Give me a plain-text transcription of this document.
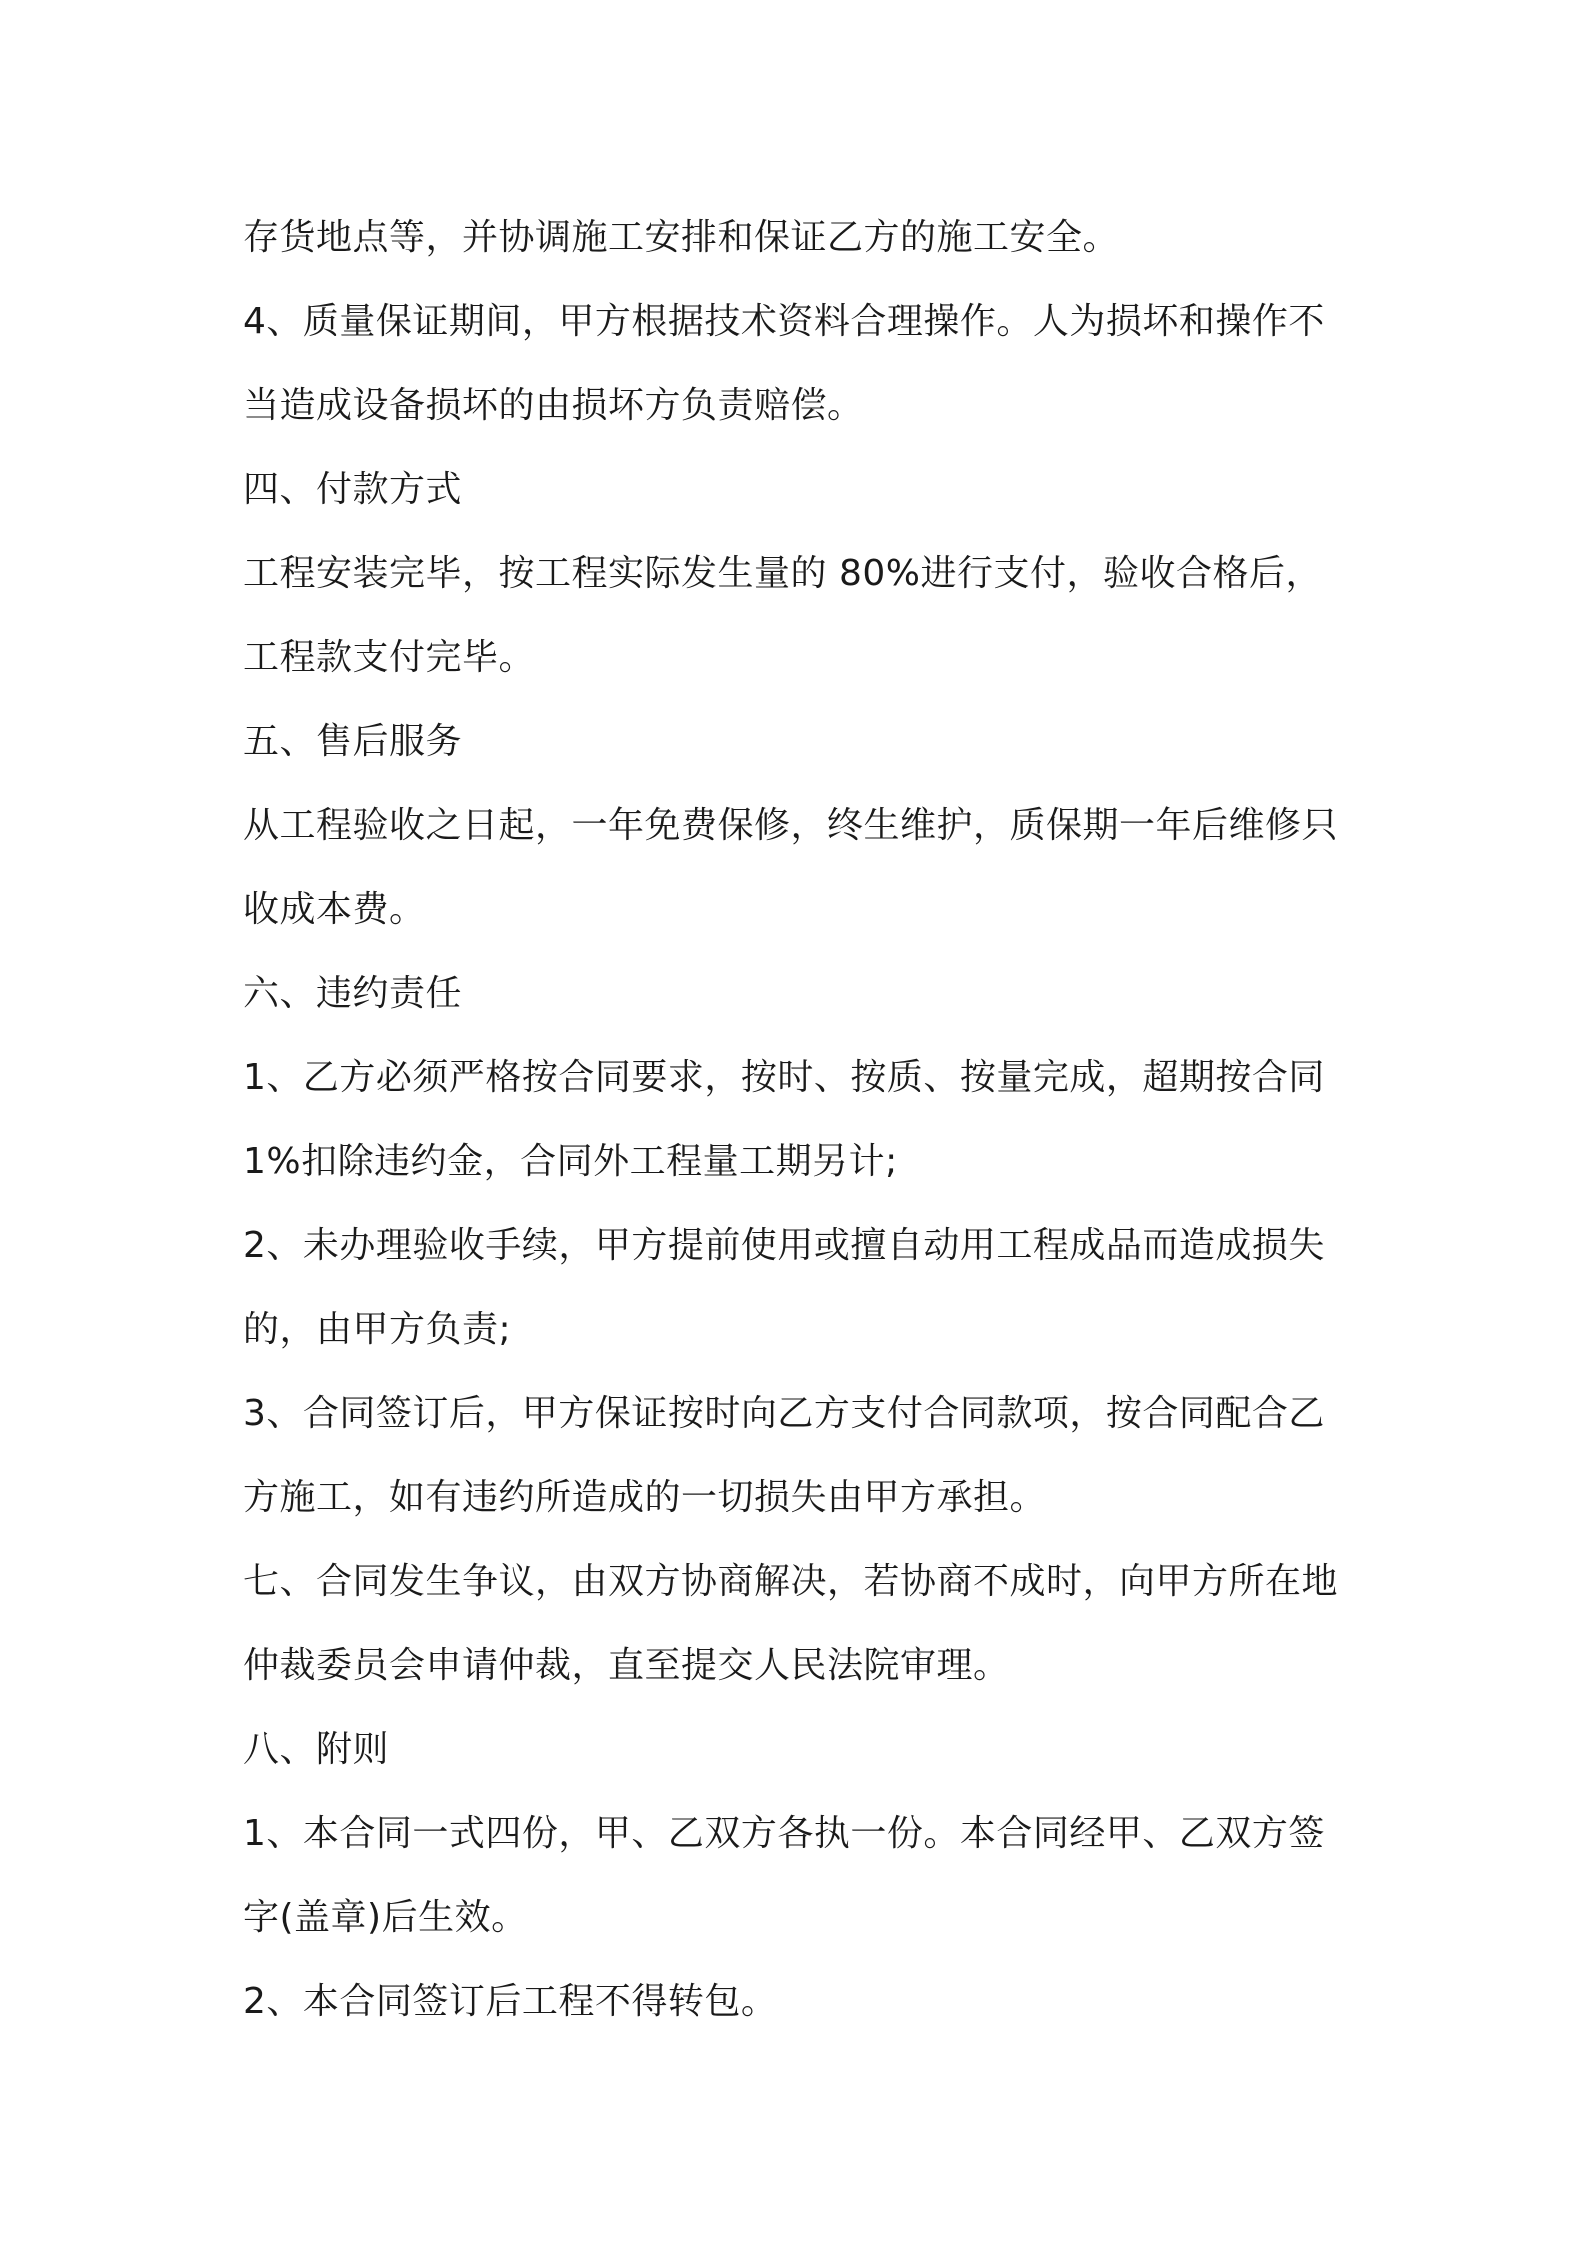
存货地点等，并协调施工安排和保证乙方的施工安全。
4、质量保证期间，甲方根据技术资料合理操作。人为损坏和操作不
当造成设备损坏的由损坏方负责赔偿。
四、付款方式
工程安装完毕，按工程实际发生量的 80%进行支付，验收合格后，
工程款支付完毕。
五、售后服务
从工程验收之日起，一年免费保修，终生维护，质保期一年后维修只
收成本费。
六、违约责任
1、乙方必须严格按合同要求，按时、按质、按量完成，超期按合同
1%扣除违约金，合同外工程量工期另计;
2、未办理验收手续，甲方提前使用或擅自动用工程成品而造成损失
的，由甲方负责;
3、合同签订后，甲方保证按时向乙方支付合同款项，按合同配合乙
方施工，如有违约所造成的一切损失由甲方承担。
七、合同发生争议，由双方协商解决，若协商不成时，向甲方所在地
仲裁委员会申请仲裁，直至提交人民法院审理。
八、附则
1、本合同一式四份，甲、乙双方各执一份。本合同经甲、乙双方签
字(盖章)后生效。
2、本合同签订后工程不得转包。
